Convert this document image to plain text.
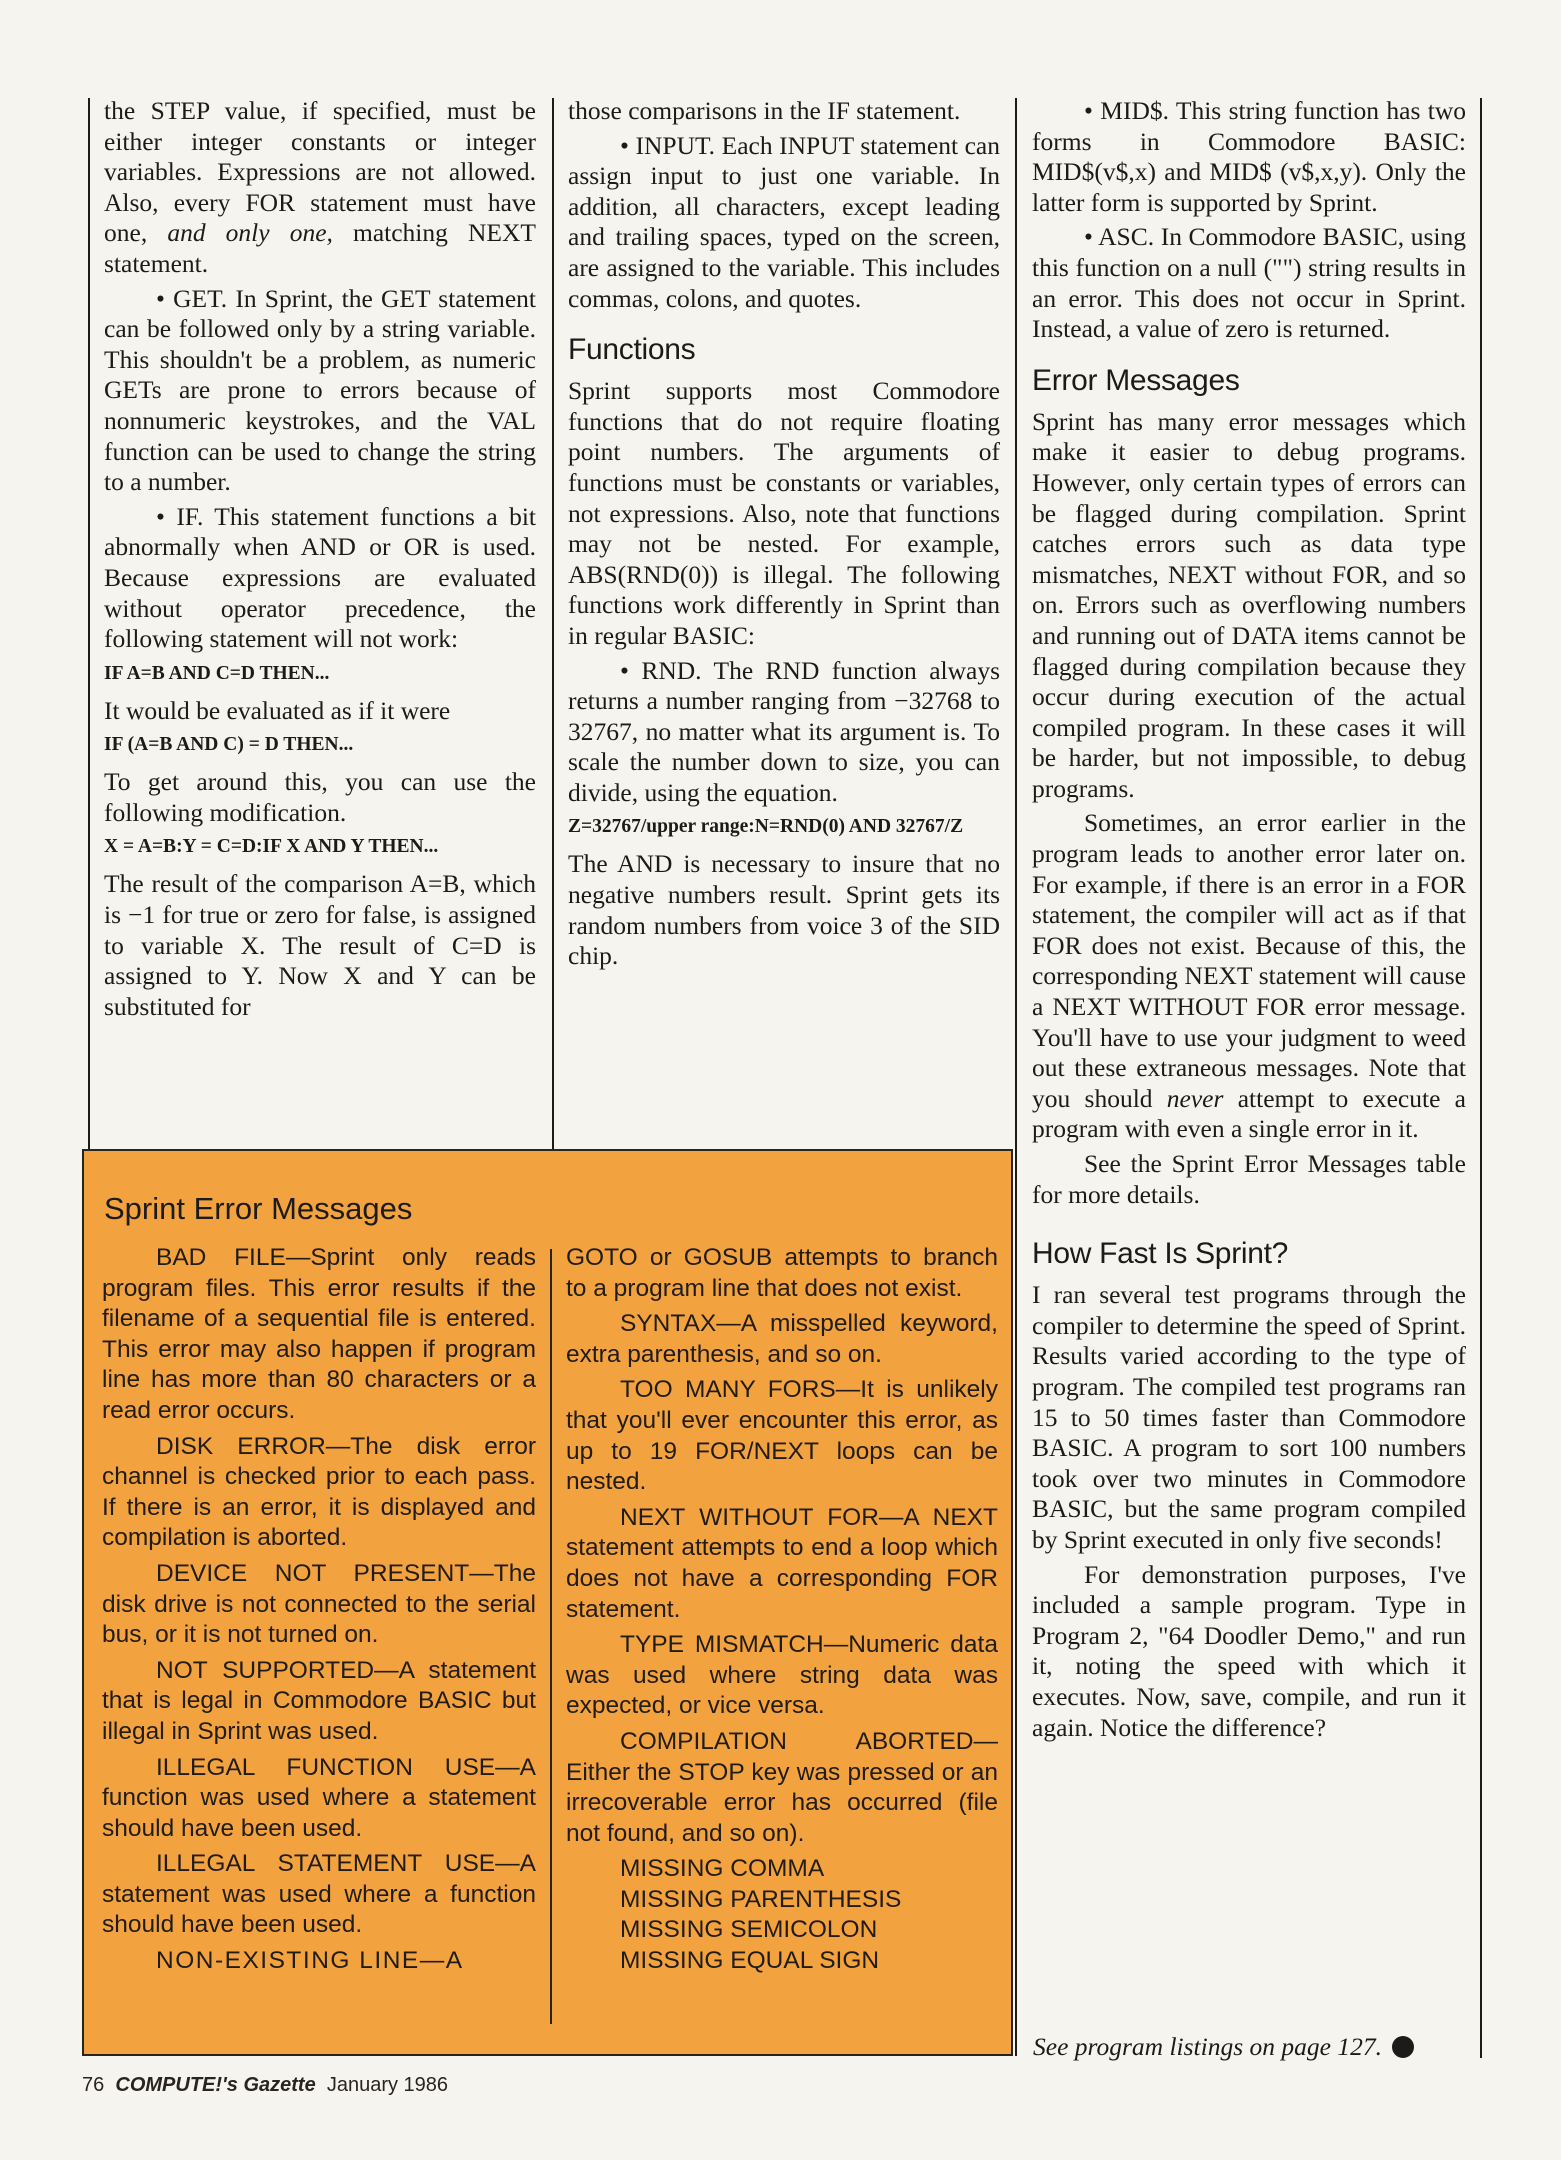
the STEP value, if specified, must be either integer constants or integer variables. Expressions are not allowed. Also, every FOR statement must have one, and only one, matching NEXT statement.

• GET. In Sprint, the GET statement can be followed only by a string variable. This shouldn't be a problem, as numeric GETs are prone to errors because of nonnumeric keystrokes, and the VAL function can be used to change the string to a number.

• IF. This statement functions a bit abnormally when AND or OR is used. Because expressions are evaluated without operator precedence, the following statement will not work:

IF A=B AND C=D THEN...

It would be evaluated as if it were

IF (A=B AND C) = D THEN...

To get around this, you can use the following modification.

X = A=B:Y = C=D:IF X AND Y THEN...

The result of the comparison A=B, which is −1 for true or zero for false, is assigned to variable X. The result of C=D is assigned to Y. Now X and Y can be substituted for

those comparisons in the IF statement.

• INPUT. Each INPUT statement can assign input to just one variable. In addition, all characters, except leading and trailing spaces, typed on the screen, are assigned to the variable. This includes commas, colons, and quotes.

Functions

Sprint supports most Commodore functions that do not require floating point numbers. The arguments of functions must be constants or variables, not expressions. Also, note that functions may not be nested. For example, ABS(RND(0)) is illegal. The following functions work differently in Sprint than in regular BASIC:

• RND. The RND function always returns a number ranging from −32768 to 32767, no matter what its argument is. To scale the number down to size, you can divide, using the equation.

Z=32767/upper range:N=RND(0) AND 32767/Z

The AND is necessary to insure that no negative numbers result. Sprint gets its random numbers from voice 3 of the SID chip.

• MID$. This string function has two forms in Commodore BASIC: MID$(v$,x) and MID$ (v$,x,y). Only the latter form is supported by Sprint.

• ASC. In Commodore BASIC, using this function on a null ("") string results in an error. This does not occur in Sprint. Instead, a value of zero is returned.

Error Messages

Sprint has many error messages which make it easier to debug programs. However, only certain types of errors can be flagged during compilation. Sprint catches errors such as data type mismatches, NEXT without FOR, and so on. Errors such as overflowing numbers and running out of DATA items cannot be flagged during compilation because they occur during execution of the actual compiled program. In these cases it will be harder, but not impossible, to debug programs.

Sometimes, an error earlier in the program leads to another error later on. For example, if there is an error in a FOR statement, the compiler will act as if that FOR does not exist. Because of this, the corresponding NEXT statement will cause a NEXT WITHOUT FOR error message. You'll have to use your judgment to weed out these extraneous messages. Note that you should never attempt to execute a program with even a single error in it.

See the Sprint Error Messages table for more details.

How Fast Is Sprint?

I ran several test programs through the compiler to determine the speed of Sprint. Results varied according to the type of program. The compiled test programs ran 15 to 50 times faster than Commodore BASIC. A program to sort 100 numbers took over two minutes in Commodore BASIC, but the same program compiled by Sprint executed in only five seconds!

For demonstration purposes, I've included a sample program. Type in Program 2, "64 Doodler Demo," and run it, noting the speed with which it executes. Now, save, compile, and run it again. Notice the difference?

Sprint Error Messages

BAD FILE—Sprint only reads program files. This error results if the filename of a sequential file is entered. This error may also happen if program line has more than 80 characters or a read error occurs.

DISK ERROR—The disk error channel is checked prior to each pass. If there is an error, it is displayed and compilation is aborted.

DEVICE NOT PRESENT—The disk drive is not connected to the serial bus, or it is not turned on.

NOT SUPPORTED—A statement that is legal in Commodore BASIC but illegal in Sprint was used.

ILLEGAL FUNCTION USE—A function was used where a statement should have been used.

ILLEGAL STATEMENT USE—A statement was used where a function should have been used.

NON-EXISTING LINE—A

GOTO or GOSUB attempts to branch to a program line that does not exist.

SYNTAX—A misspelled keyword, extra parenthesis, and so on.

TOO MANY FORS—It is unlikely that you'll ever encounter this error, as up to 19 FOR/NEXT loops can be nested.

NEXT WITHOUT FOR—A NEXT statement attempts to end a loop which does not have a corresponding FOR statement.

TYPE MISMATCH—Numeric data was used where string data was expected, or vice versa.

COMPILATION ABORTED—Either the STOP key was pressed or an irrecoverable error has occurred (file not found, and so on).

MISSING COMMA

MISSING PARENTHESIS

MISSING SEMICOLON

MISSING EQUAL SIGN

See program listings on page 127.
76 COMPUTE!'s Gazette January 1986
